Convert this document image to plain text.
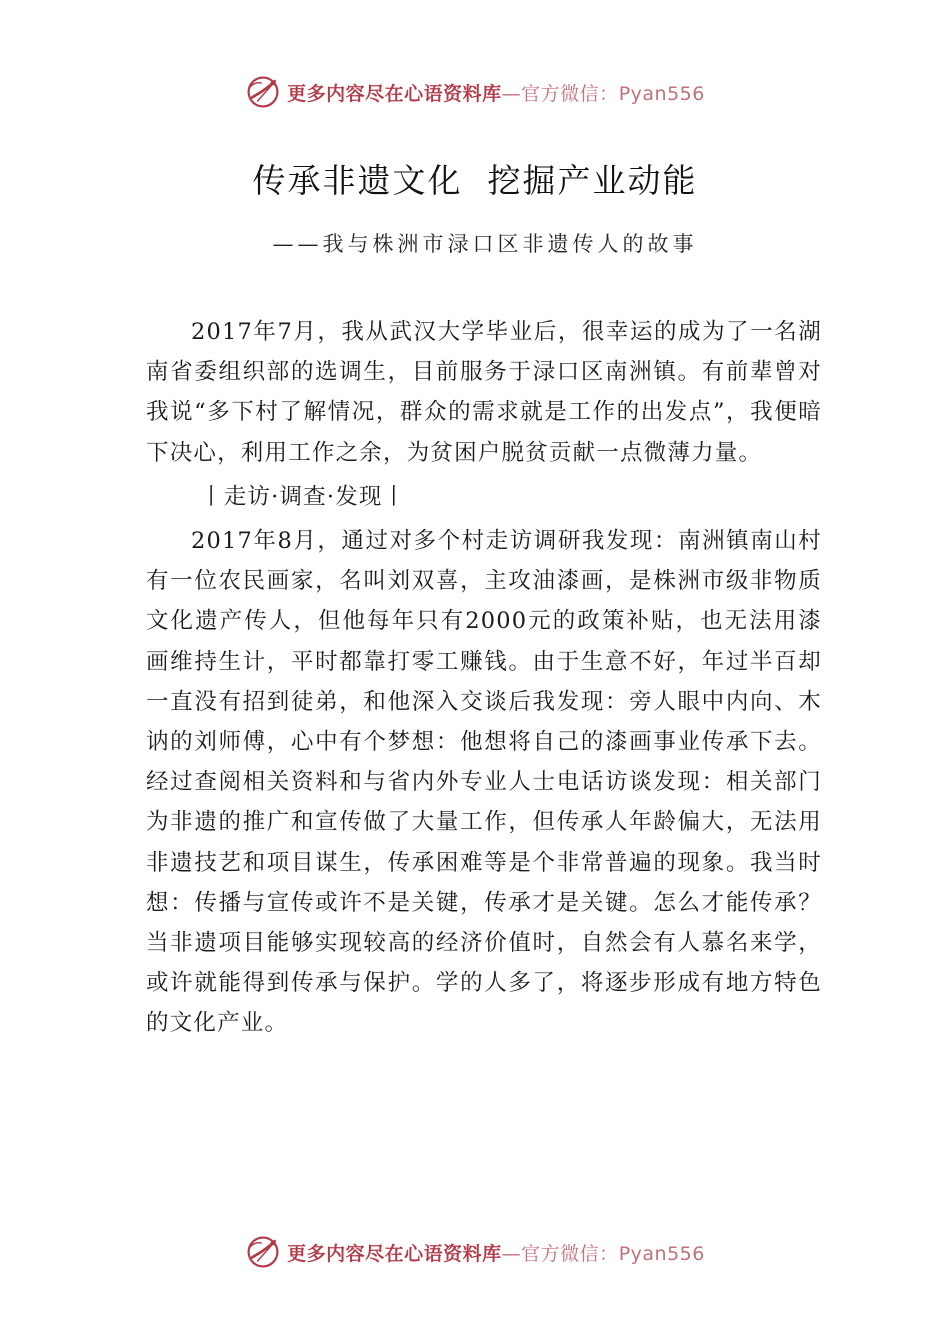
更多内容尽在心语资料库—官方微信：Pyan556
传承非遗文化  挖掘产业动能
——我与株洲市渌口区非遗传人的故事

2017年7月，我从武汉大学毕业后，很幸运的成为了一名湖南省委组织部的选调生，目前服务于渌口区南洲镇。有前辈曾对我说“多下村了解情况，群众的需求就是工作的出发点”，我便暗下决心，利用工作之余，为贫困户脱贫贡献一点微薄力量。

丨走访·调查·发现丨

2017年8月，通过对多个村走访调研我发现：南洲镇南山村有一位农民画家，名叫刘双喜，主攻油漆画，是株洲市级非物质文化遗产传人，但他每年只有2000元的政策补贴，也无法用漆画维持生计，平时都靠打零工赚钱。由于生意不好，年过半百却一直没有招到徒弟，和他深入交谈后我发现：旁人眼中内向、木讷的刘师傅，心中有个梦想：他想将自己的漆画事业传承下去。经过查阅相关资料和与省内外专业人士电话访谈发现：相关部门为非遗的推广和宣传做了大量工作，但传承人年龄偏大，无法用非遗技艺和项目谋生，传承困难等是个非常普遍的现象。我当时想：传播与宣传或许不是关键，传承才是关键。怎么才能传承？当非遗项目能够实现较高的经济价值时，自然会有人慕名来学，或许就能得到传承与保护。学的人多了，将逐步形成有地方特色的文化产业。

更多内容尽在心语资料库—官方微信：Pyan556
